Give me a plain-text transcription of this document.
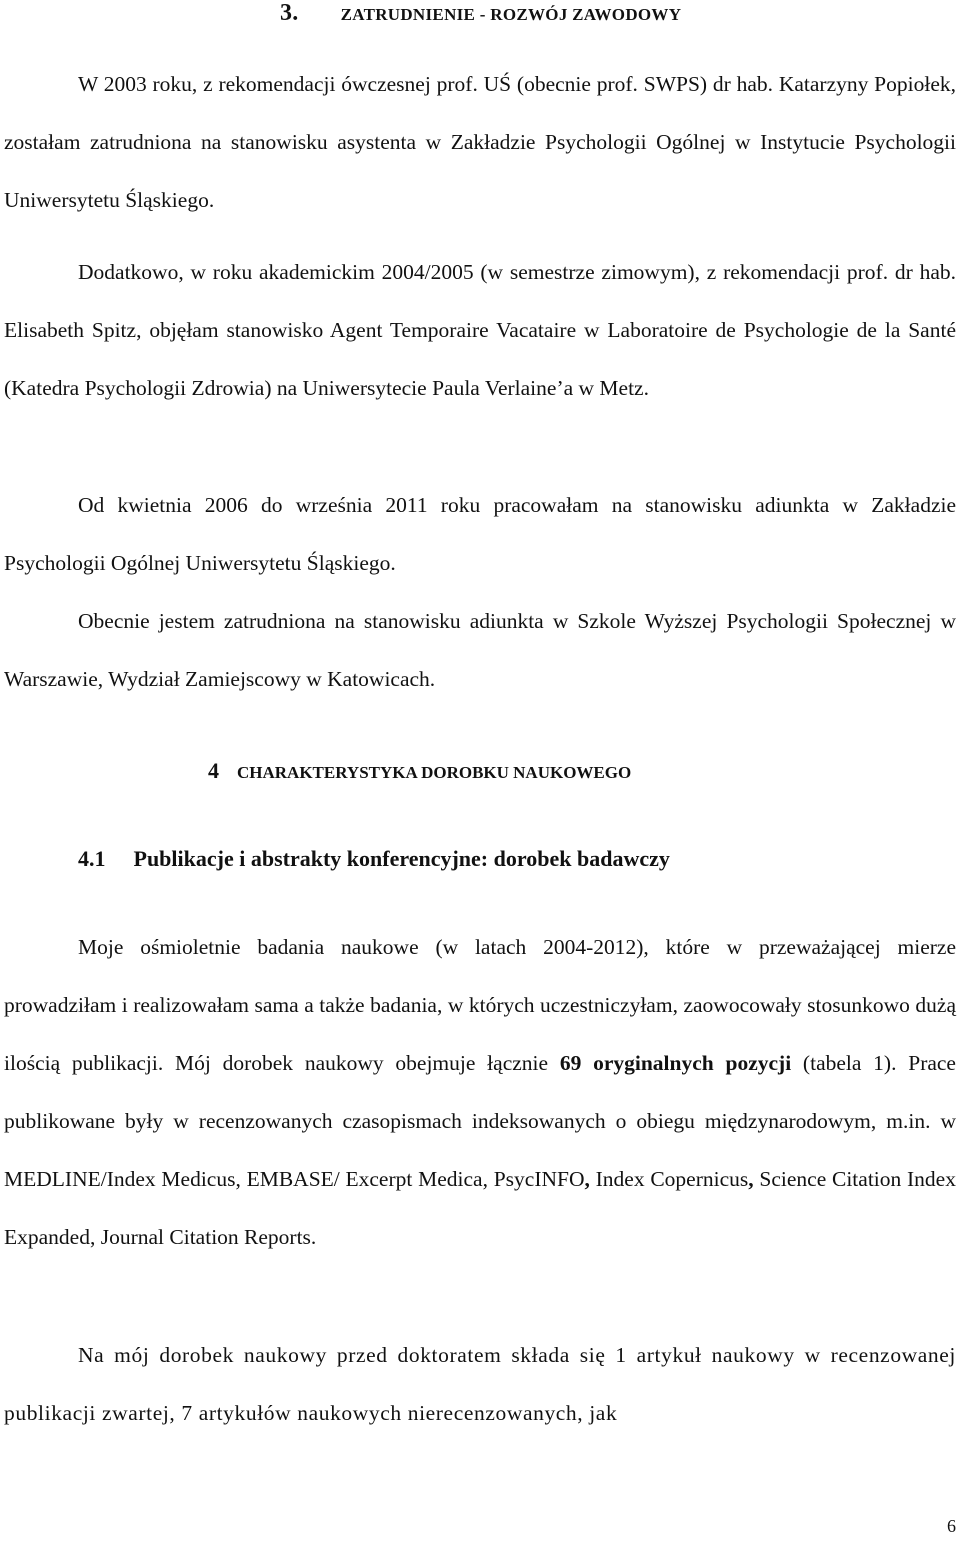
3. ZATRUDNIENIE - ROZWÓJ ZAWODOWY

W 2003 roku, z rekomendacji ówczesnej prof. UŚ (obecnie prof. SWPS) dr hab. Katarzyny Popiołek, zostałam zatrudniona na stanowisku asystenta w Zakładzie Psychologii Ogólnej w Instytucie Psychologii Uniwersytetu Śląskiego.

Dodatkowo, w roku akademickim 2004/2005 (w semestrze zimowym), z rekomendacji prof. dr hab. Elisabeth Spitz, objęłam stanowisko Agent Temporaire Vacataire w Laboratoire de Psychologie de la Santé (Katedra Psychologii Zdrowia) na Uniwersytecie Paula Verlaine’a w Metz.

Od kwietnia 2006 do września 2011 roku pracowałam na stanowisku adiunkta w Zakładzie Psychologii Ogólnej Uniwersytetu Śląskiego.

Obecnie jestem zatrudniona na stanowisku adiunkta w Szkole Wyższej Psychologii Społecznej w Warszawie, Wydział Zamiejscowy w Katowicach.

4 CHARAKTERYSTYKA DOROBKU NAUKOWEGO
4.1 Publikacje i abstrakty konferencyjne: dorobek badawczy

Moje ośmioletnie badania naukowe (w latach 2004-2012), które w przeważającej mierze prowadziłam i realizowałam sama a także badania, w których uczestniczyłam, zaowocowały stosunkowo dużą ilością publikacji. Mój dorobek naukowy obejmuje łącznie 69 oryginalnych pozycji (tabela 1). Prace publikowane były w recenzowanych czasopismach indeksowanych o obiegu międzynarodowym, m.in. w MEDLINE/Index Medicus, EMBASE/ Excerpt Medica, PsycINFO, Index Copernicus, Science Citation Index Expanded, Journal Citation Reports.

Na mój dorobek naukowy przed doktoratem składa się 1 artykuł naukowy w recenzowanej publikacji zwartej, 7 artykułów naukowych nierecenzowanych, jak

6
